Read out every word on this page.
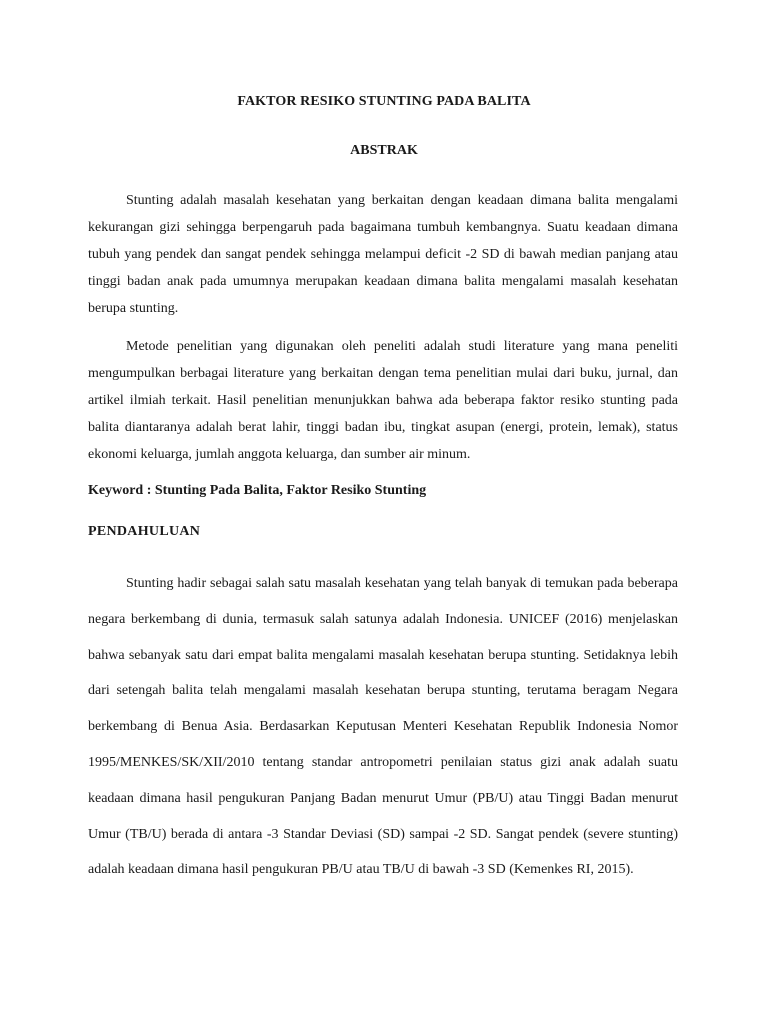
FAKTOR RESIKO STUNTING PADA BALITA
ABSTRAK

Stunting adalah masalah kesehatan yang berkaitan dengan keadaan dimana balita mengalami kekurangan gizi sehingga berpengaruh pada bagaimana tumbuh kembangnya. Suatu keadaan dimana tubuh yang pendek dan sangat pendek sehingga melampui deficit -2 SD di bawah median panjang atau tinggi badan anak pada umumnya merupakan keadaan dimana balita mengalami masalah kesehatan berupa stunting.

Metode penelitian yang digunakan oleh peneliti adalah studi literature yang mana peneliti mengumpulkan berbagai literature yang berkaitan dengan tema penelitian mulai dari buku, jurnal, dan artikel ilmiah terkait. Hasil penelitian menunjukkan bahwa ada beberapa faktor resiko stunting pada balita diantaranya adalah berat lahir, tinggi badan ibu, tingkat asupan (energi, protein, lemak), status ekonomi keluarga, jumlah anggota keluarga, dan sumber air minum.

Keyword : Stunting Pada Balita, Faktor Resiko Stunting
PENDAHULUAN

Stunting hadir sebagai salah satu masalah kesehatan yang telah banyak di temukan pada beberapa negara berkembang di dunia, termasuk salah satunya adalah Indonesia. UNICEF (2016) menjelaskan bahwa sebanyak satu dari empat balita mengalami masalah kesehatan berupa stunting. Setidaknya lebih dari setengah balita telah mengalami masalah kesehatan berupa stunting, terutama beragam Negara berkembang di Benua Asia. Berdasarkan Keputusan Menteri Kesehatan Republik Indonesia Nomor 1995/MENKES/SK/XII/2010 tentang standar antropometri penilaian status gizi anak adalah suatu keadaan dimana hasil pengukuran Panjang Badan menurut Umur (PB/U) atau Tinggi Badan menurut Umur (TB/U) berada di antara -3 Standar Deviasi (SD) sampai -2 SD. Sangat pendek (severe stunting) adalah keadaan dimana hasil pengukuran PB/U atau TB/U di bawah -3 SD (Kemenkes RI, 2015).
